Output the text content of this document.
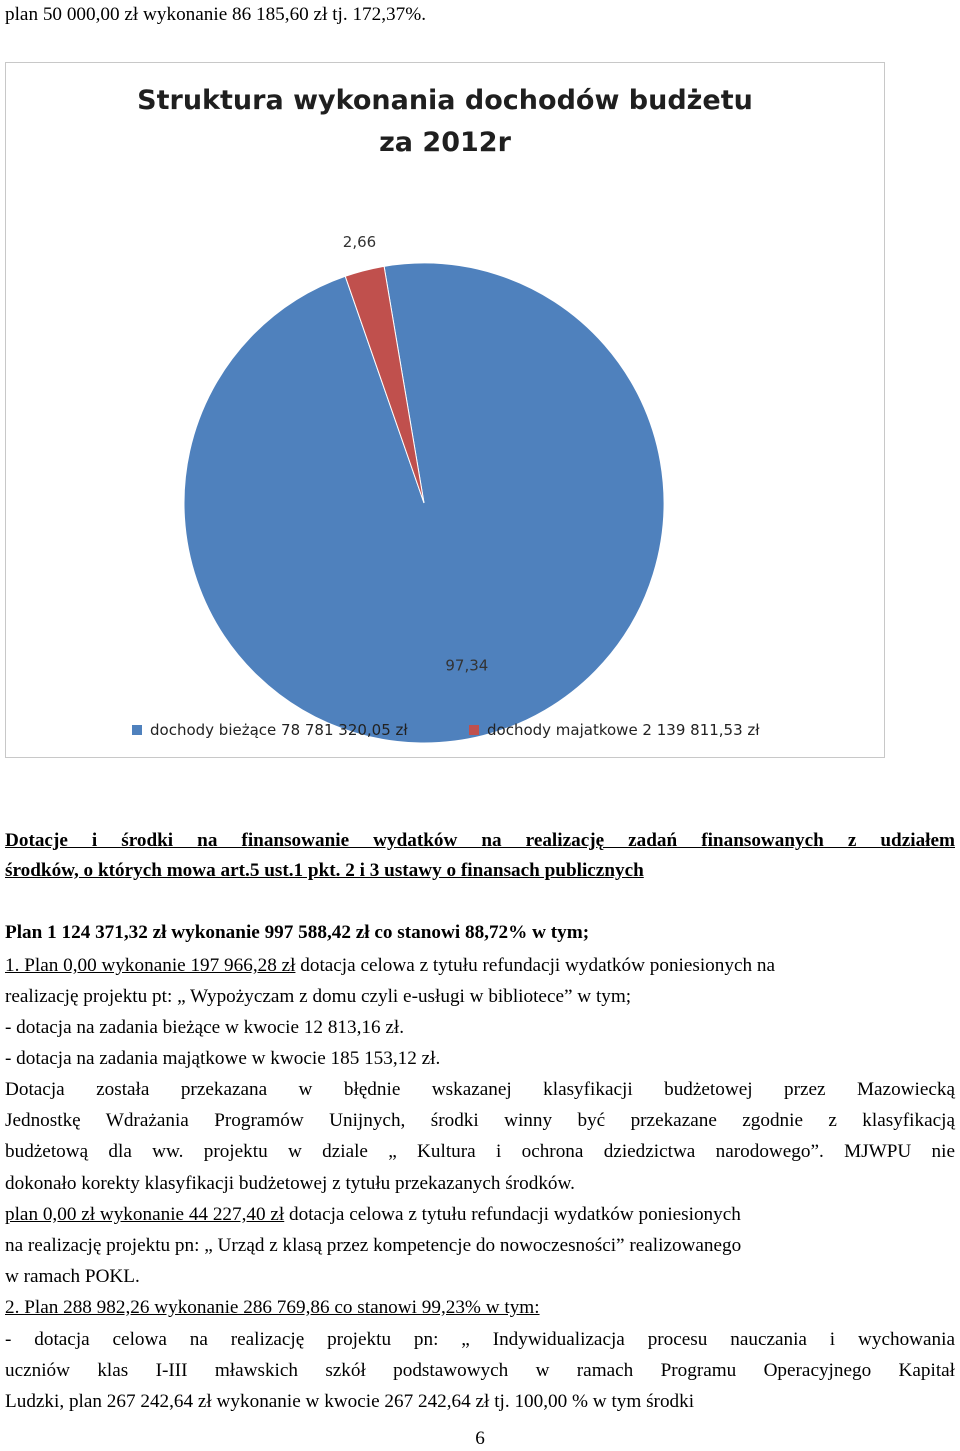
plan 50 000,00 zł wykonanie 86 185,60 zł tj. 172,37%.
Struktura wykonania dochodów budżetu
za 2012r
97,34
2,66
dochody bieżące 78 781 320,05 zł	dochody majatkowe 2 139 811,53 zł
Dotacje i środki na finansowanie wydatków na realizację zadań finansowanych z udziałem
środków, o których mowa art.5 ust.1 pkt. 2 i 3 ustawy o finansach publicznych
Plan 1 124 371,32 zł wykonanie 997 588,42 zł co stanowi 88,72% w tym;
1. Plan 0,00 wykonanie 197 966,28 zł dotacja celowa z tytułu refundacji wydatków poniesionych na
realizację projektu pt: „ Wypożyczam z domu czyli e-usługi w bibliotece” w tym;
- dotacja na zadania bieżące w kwocie 12 813,16 zł.
- dotacja na zadania majątkowe w kwocie 185 153,12 zł.
Dotacja została przekazana w błędnie wskazanej klasyfikacji budżetowej przez Mazowiecką
Jednostkę Wdrażania Programów Unijnych, środki winny być przekazane zgodnie z klasyfikacją
budżetową dla ww. projektu w dziale „ Kultura i ochrona dziedzictwa narodowego”. MJWPU nie
dokonało korekty klasyfikacji budżetowej z tytułu przekazanych środków.
plan 0,00 zł wykonanie 44 227,40 zł dotacja celowa z tytułu refundacji wydatków poniesionych
na realizację projektu pn: „ Urząd z klasą przez kompetencje do nowoczesności” realizowanego
w ramach POKL.
2. Plan 288 982,26 wykonanie 286 769,86 co stanowi 99,23% w tym:
- dotacja celowa na realizację projektu pn: „ Indywidualizacja procesu nauczania i wychowania
uczniów klas I-III mławskich szkół podstawowych w ramach Programu Operacyjnego Kapitał
Ludzki, plan 267 242,64 zł wykonanie w kwocie 267 242,64 zł tj. 100,00 % w tym środki
6
